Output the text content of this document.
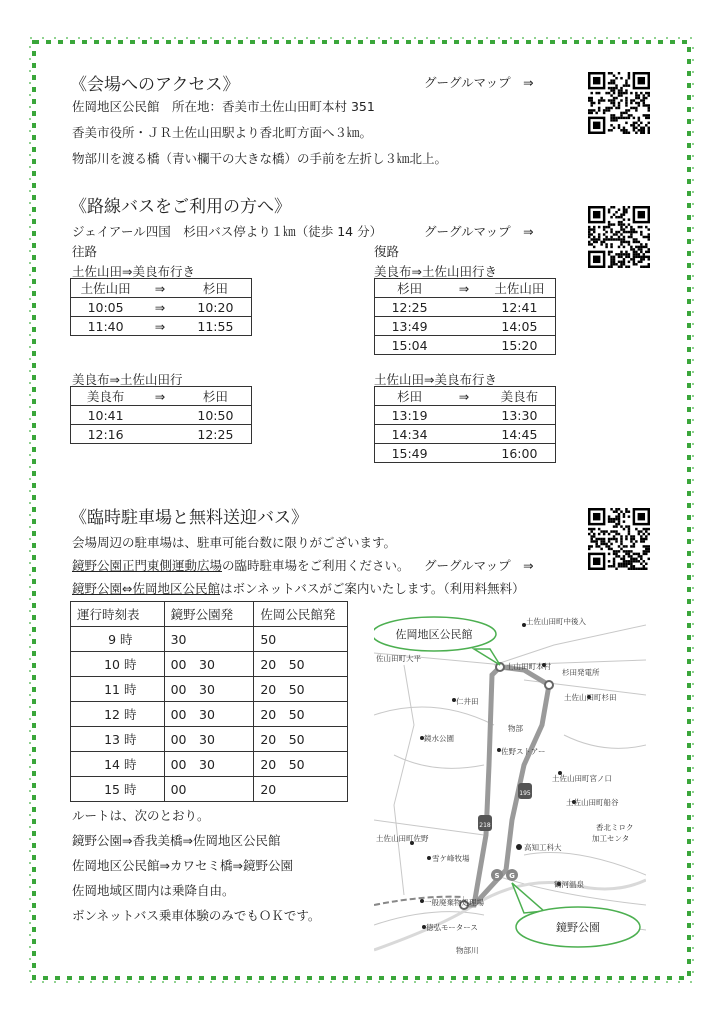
《会場へのアクセス》	グーグルマップ　⇒
佐岡地区公民館　所在地：香美市土佐山田町本村 351
香美市役所・ＪＲ土佐山田駅より香北町方面へ３㎞。
物部川を渡る橋（青い欄干の大きな橋）の手前を左折し３㎞北上。
《路線バスをご利用の方へ》
ジェイアール四国　杉田バス停より１㎞（徒歩 14 分）	グーグルマップ　⇒
往路	復路
土佐山田⇒美良布行き
土佐山田	⇒	杉田
10:05	⇒	10:20
11:40	⇒	11:55
美良布⇒土佐山田行き
杉田	⇒	土佐山田
12:25		12:41
13:49		14:05
15:04		15:20
美良布⇒土佐山田行
美良布	⇒	杉田
10:41		10:50
12:16		12:25
土佐山田⇒美良布行き
杉田	⇒	美良布
13:19		13:30
14:34		14:45
15:49		16:00
《臨時駐車場と無料送迎バス》
会場周辺の駐車場は、駐車可能台数に限りがございます。
鏡野公園正門東側運動広場の臨時駐車場をご利用ください。 グーグルマップ　⇒
鏡野公園⇔佐岡地区公民館はボンネットバスがご案内いたします。（利用料無料）
運行時刻表	鏡野公園発	佐岡公民館発
9 時	30	50
10 時	00　30	20　50
11 時	00　30	20　50
12 時	00　30	20　50
13 時	00　30	20　50
14 時	00　30	20　50
15 時	00	20
ルートは、次のとおり。
鏡野公園⇒香我美橋⇒佐岡地区公民館
佐岡地区公民館⇒カワセミ橋⇒鏡野公園
佐岡地域区間内は乗降自由。
ボンネットバス乗車体験のみでもＯＫです。
218
195
S G
土佐山田町中後入
佐山田町大平
土山田町本村
杉田発電所
土佐山田町杉田
仁井田
物部
鏡水公園
佐野ストアー
土佐山田町宮ノ口
土佐山田町船谷
土佐山田町佐野
高知工科大
香北ミロク
加工センタ
雪ケ峰牧場
鶴河温泉
一般廃棄物処理場
徳弘モータース
物部川
佐岡地区公民館
鏡野公園
